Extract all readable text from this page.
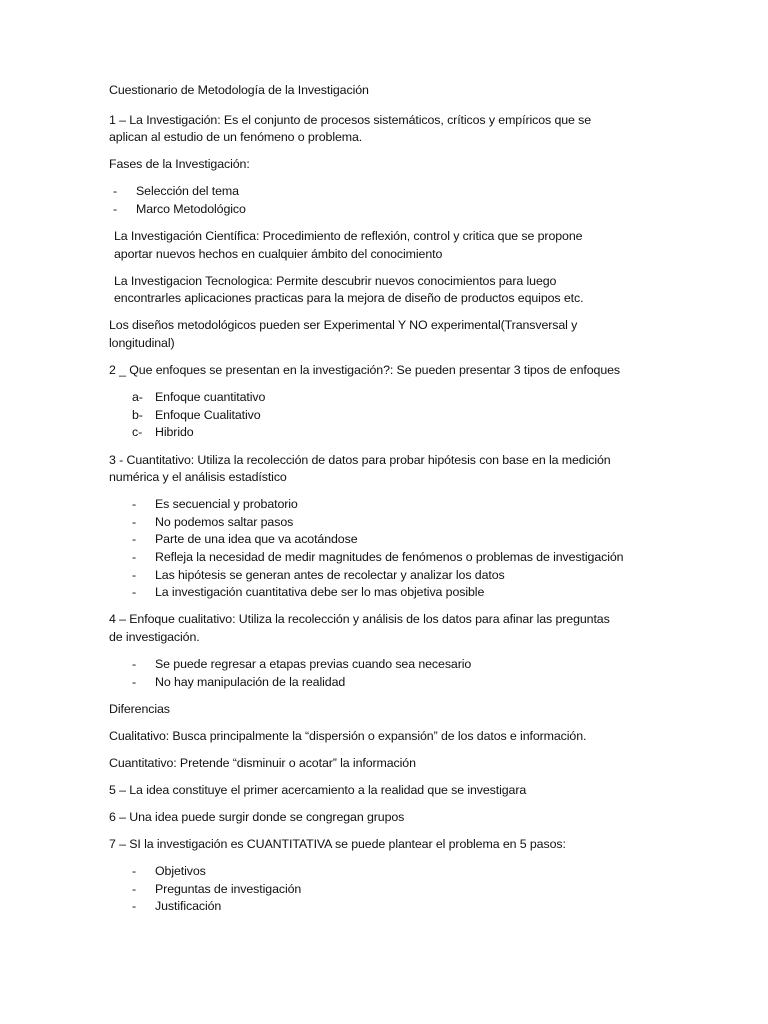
Cuestionario de Metodología de la Investigación

1 – La Investigación: Es el conjunto de procesos sistemáticos, críticos y empíricos que se
aplican al estudio de un fenómeno o problema.

Fases de la Investigación:

- Selección del tema
- Marco Metodológico

La Investigación Científica: Procedimiento de reflexión, control y critica que se propone
aportar nuevos hechos en cualquier ámbito del conocimiento

La Investigacion Tecnologica: Permite descubrir nuevos conocimientos para luego
encontrarles aplicaciones practicas para la mejora de diseño de productos equipos etc.

Los diseños metodológicos pueden ser Experimental Y NO experimental(Transversal y
longitudinal)

2 _ Que enfoques se presentan en la investigación?: Se pueden presentar 3 tipos de enfoques

a- Enfoque cuantitativo
b- Enfoque Cualitativo
c- Hibrido

3 - Cuantitativo: Utiliza la recolección de datos para probar hipótesis con base en la medición
numérica y el análisis estadístico

- Es secuencial y probatorio
- No podemos saltar pasos
- Parte de una idea que va acotándose
- Refleja la necesidad de medir magnitudes de fenómenos o problemas de investigación
- Las hipótesis se generan antes de recolectar y analizar los datos
- La investigación cuantitativa debe ser lo mas objetiva posible

4 – Enfoque cualitativo: Utiliza la recolección y análisis de los datos para afinar las preguntas
de investigación.

- Se puede regresar a etapas previas cuando sea necesario
- No hay manipulación de la realidad

Diferencias

Cualitativo: Busca principalmente la “dispersión o expansión” de los datos e información.

Cuantitativo: Pretende “disminuir o acotar” la información

5 – La idea constituye el primer acercamiento a la realidad que se investigara

6 – Una idea puede surgir donde se congregan grupos

7 – SI la investigación es CUANTITATIVA se puede plantear el problema en 5 pasos:

- Objetivos
- Preguntas de investigación
- Justificación
